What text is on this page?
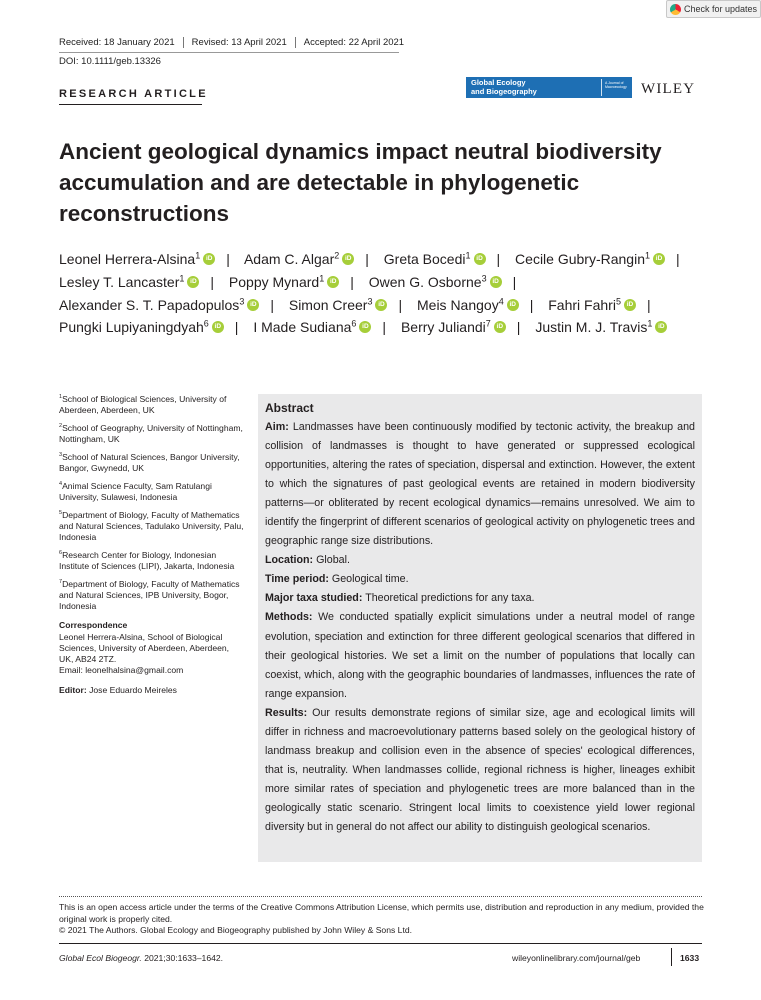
Check for updates
Received: 18 January 2021	Revised: 13 April 2021	Accepted: 22 April 2021
DOI: 10.1111/geb.13326
RESEARCH ARTICLE
Global Ecology
and Biogeography
A Journal of
Macroecology WILEY
Ancient geological dynamics impact neutral biodiversity accumulation and are detectable in phylogenetic reconstructions
Leonel Herrera-Alsina$^1$ iD | Adam C. Algar$^2$ iD | Greta Bocedi$^1$ iD | Cecile Gubry-Rangin$^1$ iD | Lesley T. Lancaster$^1$ iD | Poppy Mynard$^1$ iD | Owen G. Osborne$^3$ iD | Alexander S. T. Papadopulos$^3$ iD | Simon Creer$^3$ iD | Meis Nangoy$^4$ iD | Fahri Fahri$^5$ iD | Pungki Lupiyaningdyah$^6$ iD | I Made Sudiana$^6$ iD | Berry Juliandi$^7$ iD | Justin M. J. Travis$^1$iD
$^1$School of Biological Sciences, University of Aberdeen, Aberdeen, UK
$^2$School of Geography, University of Nottingham, Nottingham, UK
$^3$School of Natural Sciences, Bangor University, Bangor, Gwynedd, UK
$^4$Animal Science Faculty, Sam Ratulangi University, Sulawesi, Indonesia
$^5$Department of Biology, Faculty of Mathematics and Natural Sciences, Tadulako University, Palu, Indonesia
$^6$Research Center for Biology, Indonesian Institute of Sciences (LIPI), Jakarta, Indonesia
$^7$Department of Biology, Faculty of Mathematics and Natural Sciences, IPB University, Bogor, Indonesia
Correspondence
Leonel Herrera-Alsina, School of Biological Sciences, University of Aberdeen, Aberdeen, UK, AB24 2TZ.
Email: leonelhalsina@gmail.com
Editor: Jose Eduardo Meireles
Abstract

Aim: Landmasses have been continuously modified by tectonic activity, the breakup and collision of landmasses is thought to have generated or suppressed ecological opportunities, altering the rates of speciation, dispersal and extinction. However, the extent to which the signatures of past geological events are retained in modern biodiversity patterns—or obliterated by recent ecological dynamics—remains unresolved. We aim to identify the fingerprint of different scenarios of geological activity on phylogenetic trees and geographic range size distributions.

Location: Global.

Time period: Geological time.

Major taxa studied: Theoretical predictions for any taxa.

Methods: We conducted spatially explicit simulations under a neutral model of range evolution, speciation and extinction for three different geological scenarios that differed in their geological histories. We set a limit on the number of populations that locally can coexist, which, along with the geographic boundaries of landmasses, influences the rate of range expansion.

Results: Our results demonstrate regions of similar size, age and ecological limits will differ in richness and macroevolutionary patterns based solely on the geological history of landmass breakup and collision even in the absence of species' ecological differences, that is, neutrality. When landmasses collide, regional richness is higher, lineages exhibit more similar rates of speciation and phylogenetic trees are more balanced than in the geologically static scenario. Stringent local limits to coexistence yield lower regional diversity but in general do not affect our ability to distinguish geological scenarios.

This is an open access article under the terms of the Creative Commons Attribution License, which permits use, distribution and reproduction in any medium, provided the original work is properly cited.
© 2021 The Authors. Global Ecology and Biogeography published by John Wiley & Sons Ltd.
Global Ecol Biogeogr. 2021;30:1633–1642.	wileyonlinelibrary.com/journal/geb	1633
